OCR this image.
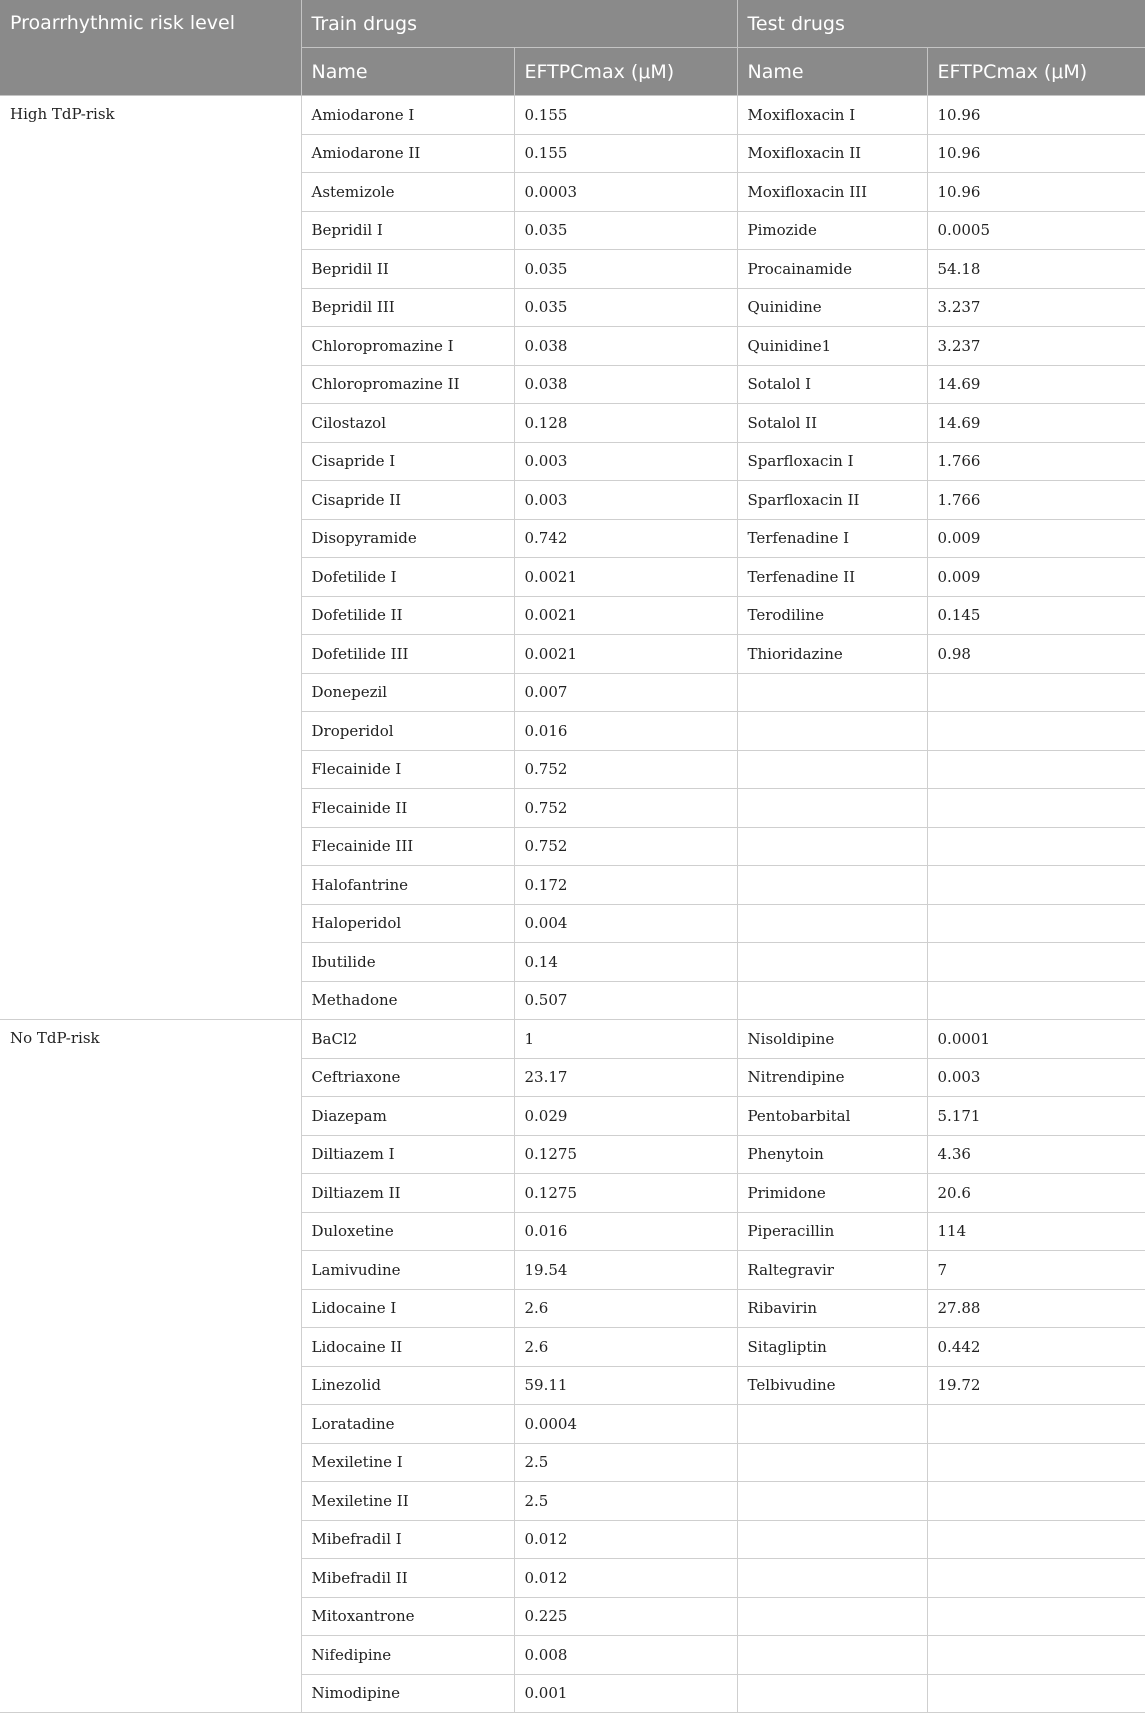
Proarrhythmic risk level	Train drugs		Test drugs	
	Name	EFTPCmax (μM)	Name	EFTPCmax (μM)
High TdP-risk	Amiodarone I	0.155	Moxifloxacin I	10.96
	Amiodarone II	0.155	Moxifloxacin II	10.96
	Astemizole	0.0003	Moxifloxacin III	10.96
	Bepridil I	0.035	Pimozide	0.0005
	Bepridil II	0.035	Procainamide	54.18
	Bepridil III	0.035	Quinidine	3.237
	Chloropromazine I	0.038	Quinidine1	3.237
	Chloropromazine II	0.038	Sotalol I	14.69
	Cilostazol	0.128	Sotalol II	14.69
	Cisapride I	0.003	Sparfloxacin I	1.766
	Cisapride II	0.003	Sparfloxacin II	1.766
	Disopyramide	0.742	Terfenadine I	0.009
	Dofetilide I	0.0021	Terfenadine II	0.009
	Dofetilide II	0.0021	Terodiline	0.145
	Dofetilide III	0.0021	Thioridazine	0.98
	Donepezil	0.007		
	Droperidol	0.016		
	Flecainide I	0.752		
	Flecainide II	0.752		
	Flecainide III	0.752		
	Halofantrine	0.172		
	Haloperidol	0.004		
	Ibutilide	0.14		
	Methadone	0.507		
No TdP-risk	BaCl2	1	Nisoldipine	0.0001
	Ceftriaxone	23.17	Nitrendipine	0.003
	Diazepam	0.029	Pentobarbital	5.171
	Diltiazem I	0.1275	Phenytoin	4.36
	Diltiazem II	0.1275	Primidone	20.6
	Duloxetine	0.016	Piperacillin	114
	Lamivudine	19.54	Raltegravir	7
	Lidocaine I	2.6	Ribavirin	27.88
	Lidocaine II	2.6	Sitagliptin	0.442
	Linezolid	59.11	Telbivudine	19.72
	Loratadine	0.0004		
	Mexiletine I	2.5		
	Mexiletine II	2.5		
	Mibefradil I	0.012		
	Mibefradil II	0.012		
	Mitoxantrone	0.225		
	Nifedipine	0.008		
	Nimodipine	0.001		
